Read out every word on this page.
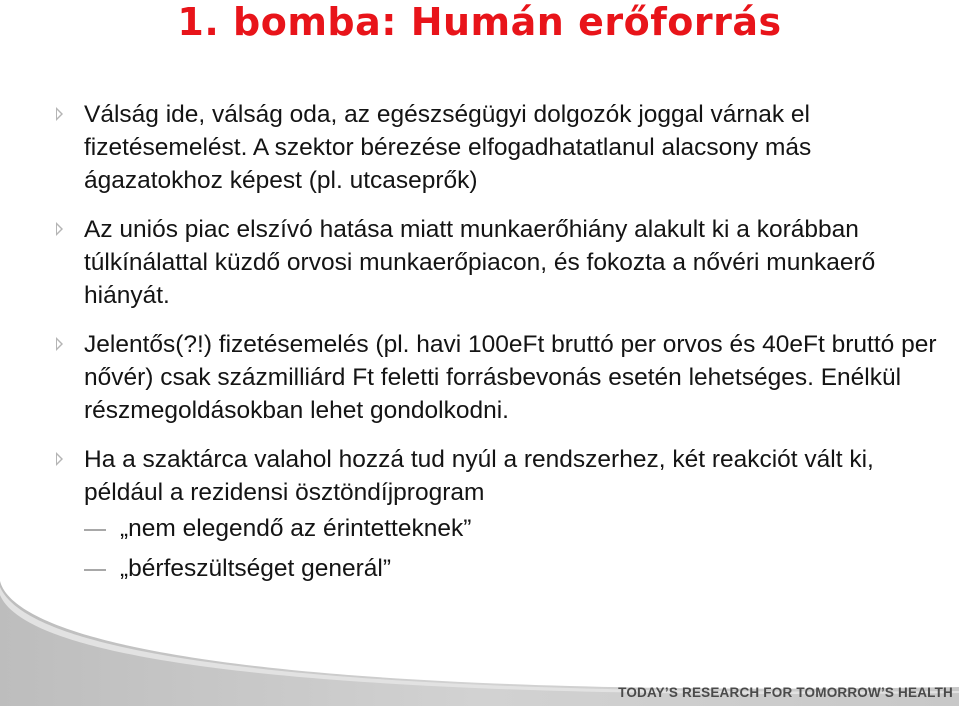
1. bomba: Humán erőforrás
Válság ide, válság oda, az egészségügyi dolgozók joggal várnak el fizetésemelést. A szektor bérezése elfogadhatatlanul alacsony más ágazatokhoz képest (pl. utcaseprők)
Az uniós piac elszívó hatása miatt munkaerőhiány alakult ki a korábban túlkínálattal küzdő orvosi munkaerőpiacon, és fokozta a nővéri munkaerő hiányát.
Jelentős(?!) fizetésemelés (pl. havi 100eFt bruttó per orvos és 40eFt bruttó per nővér) csak százmilliárd Ft feletti forrásbevonás esetén lehetséges. Enélkül részmegoldásokban lehet gondolkodni.
Ha a szaktárca valahol hozzá tud nyúl a rendszerhez, két reakciót vált ki, például a rezidensi ösztöndíjprogram
„nem elegendő az érintetteknek”
„bérfeszültséget generál”
TODAY’S RESEARCH FOR TOMORROW’S HEALTH
